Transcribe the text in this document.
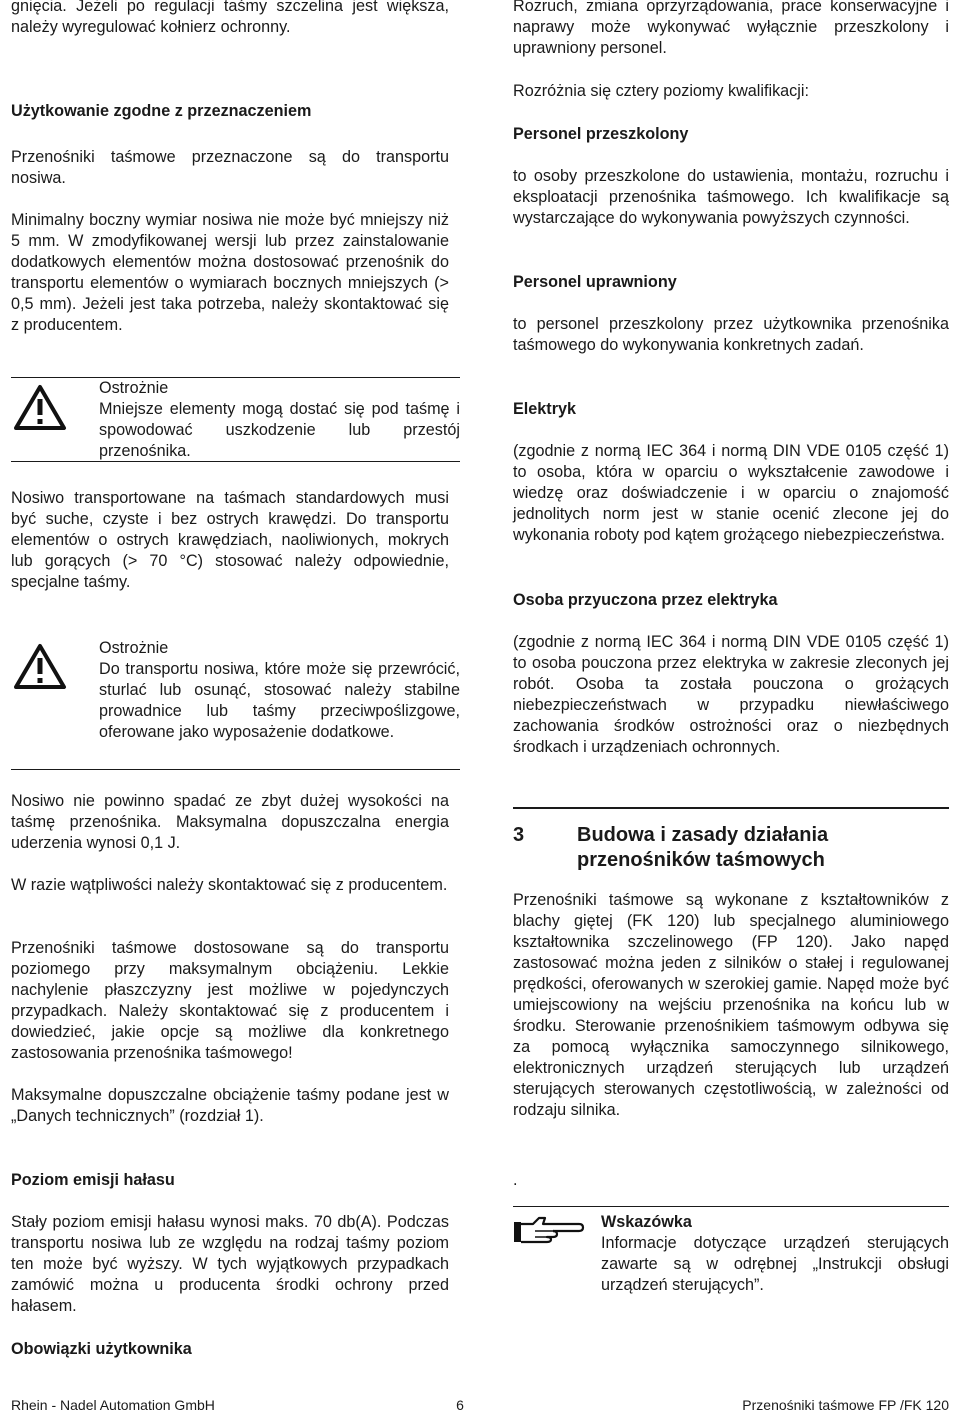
gnięcia. Jeżeli po regulacji taśmy szczelina jest większa, należy wyregulować kołnierz ochronny.

Użytkowanie zgodne z przeznaczeniem

Przenośniki taśmowe przeznaczone są do transportu nosiwa.

Minimalny boczny wymiar nosiwa nie może być mniejszy niż 5 mm. W zmodyfikowanej wersji lub przez zainstalowanie dodatkowych elementów można dostosować przenośnik do transportu elementów o wymiarach bocznych mniejszych (> 0,5 mm). Jeżeli jest taka potrzeba, należy skontaktować się z producentem.

Ostrożnie

Mniejsze elementy mogą dostać się pod taśmę i spowodować uszkodzenie lub przestój przenośnika.

Nosiwo transportowane na taśmach standardowych musi być suche, czyste i bez ostrych krawędzi. Do transportu elementów o ostrych krawędziach, naoliwionych, mokrych lub gorących (> 70 °C) stosować należy odpowiednie, specjalne taśmy.

Ostrożnie

Do transportu nosiwa, które może się przewrócić, sturlać lub osunąć, stosować należy stabilne prowadnice lub taśmy przeciwpoślizgowe, oferowane jako wyposażenie dodatkowe.

Nosiwo nie powinno spadać ze zbyt dużej wysokości na taśmę przenośnika. Maksymalna dopuszczalna energia uderzenia wynosi 0,1 J.

W razie wątpliwości należy skontaktować się z producentem.

Przenośniki taśmowe dostosowane są do transportu poziomego przy maksymalnym obciążeniu. Lekkie nachylenie płaszczyzny jest możliwe w pojedynczych przypadkach. Należy skontaktować się z producentem i dowiedzieć, jakie opcje są możliwe dla konkretnego zastosowania przenośnika taśmowego!

Maksymalne dopuszczalne obciążenie taśmy podane jest w „Danych technicznych” (rozdział 1).

Poziom emisji hałasu

Stały poziom emisji hałasu wynosi maks. 70 db(A). Podczas transportu nosiwa lub ze względu na rodzaj taśmy poziom ten może być wyższy. W tych wyjątkowych przypadkach zamówić można u producenta środki ochrony przed hałasem.

Obowiązki użytkownika

Rozruch, zmiana oprzyrządowania, prace konserwacyjne i naprawy może wykonywać wyłącznie przeszkolony i uprawniony personel.

Rozróżnia się cztery poziomy kwalifikacji:

Personel przeszkolony

to osoby przeszkolone do ustawienia, montażu, rozruchu i eksploatacji przenośnika taśmowego. Ich kwalifikacje są wystarczające do wykonywania powyższych czynności.

Personel uprawniony

to personel przeszkolony przez użytkownika przenośnika taśmowego do wykonywania konkretnych zadań.

Elektryk

(zgodnie z normą IEC 364 i normą DIN VDE 0105 część 1) to osoba, która w oparciu o wykształcenie zawodowe i wiedzę oraz doświadczenie i w oparciu o znajomość jednolitych norm jest w stanie ocenić zlecone jej do wykonania roboty pod kątem grożącego niebezpieczeństwa.

Osoba przyuczona przez elektryka

(zgodnie z normą IEC 364 i normą DIN VDE 0105 część 1) to osoba pouczona przez elektryka w zakresie zleconych jej robót. Osoba ta została pouczona o grożących niebezpieczeństwach w przypadku niewłaściwego zachowania środków ostrożności oraz o niezbędnych środkach i urządzeniach ochronnych.

3	Budowa i zasady działania przenośników taśmowych

Przenośniki taśmowe są wykonane z kształtowników z blachy giętej (FK 120) lub specjalnego aluminiowego kształtownika szczelinowego (FP 120). Jako napęd zastosować można jeden z silników o stałej i regulowanej prędkości, oferowanych w szerokiej gamie. Napęd może być umiejscowiony na wejściu przenośnika na końcu lub w środku. Sterowanie przenośnikiem taśmowym odbywa się za pomocą wyłącznika samoczynnego silnikowego, elektronicznych urządzeń sterujących lub urządzeń sterujących sterowanych częstotliwością, w zależności od rodzaju silnika.

.

Wskazówka

Informacje dotyczące urządzeń sterujących zawarte są w odrębnej „Instrukcji obsługi urządzeń sterujących”.

Rhein - Nadel Automation GmbH	6	Przenośniki taśmowe FP /FK 120
